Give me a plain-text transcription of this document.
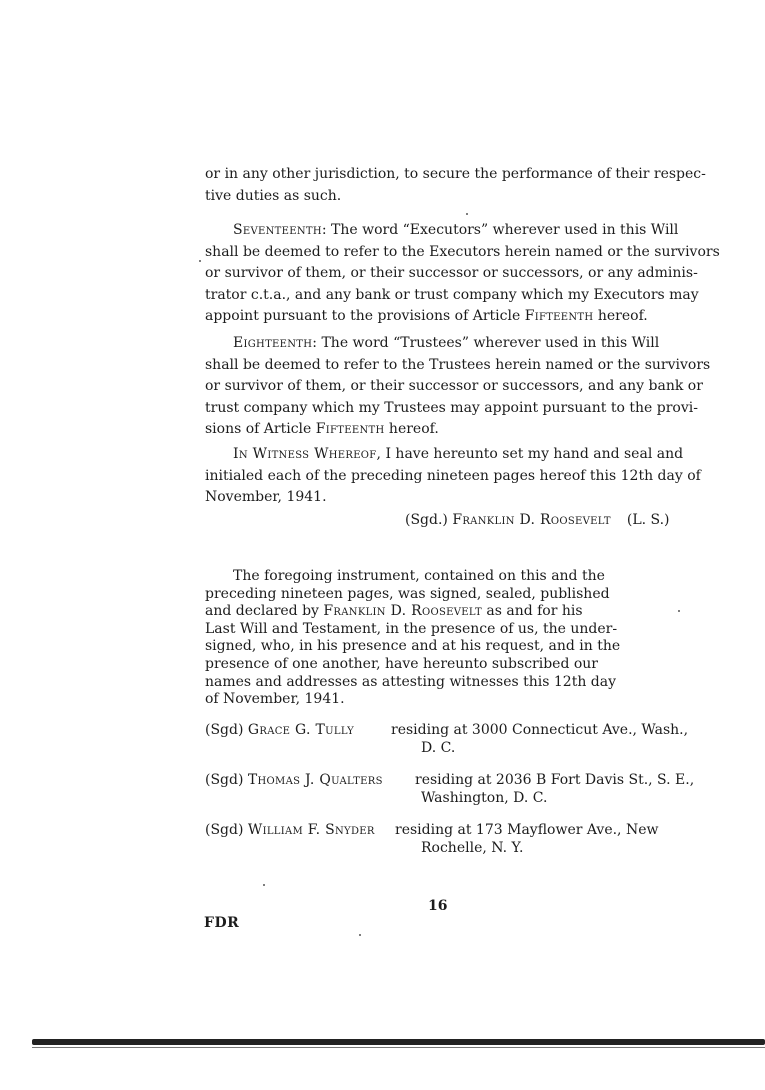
or in any other jurisdiction, to secure the performance of their respec-
tive duties as such.
Seventeenth: The word “Executors” wherever used in this Will
shall be deemed to refer to the Executors herein named or the survivors
or survivor of them, or their successor or successors, or any adminis-
trator c.t.a., and any bank or trust company which my Executors may
appoint pursuant to the provisions of Article Fifteenth hereof.
Eighteenth: The word “Trustees” wherever used in this Will
shall be deemed to refer to the Trustees herein named or the survivors
or survivor of them, or their successor or successors, and any bank or
trust company which my Trustees may appoint pursuant to the provi-
sions of Article Fifteenth hereof.
In Witness Whereof, I have hereunto set my hand and seal and
initialed each of the preceding nineteen pages hereof this 12th day of
November, 1941.
(Sgd.) Franklin D. Roosevelt (L. S.)
The foregoing instrument, contained on this and the
preceding nineteen pages, was signed, sealed, published
and declared by Franklin D. Roosevelt as and for his
Last Will and Testament, in the presence of us, the under-
signed, who, in his presence and at his request, and in the
presence of one another, have hereunto subscribed our
names and addresses as attesting witnesses this 12th day
of November, 1941.
(Sgd) Grace G. Tully	residing at 3000 Connecticut Ave., Wash.,
D. C.
(Sgd) Thomas J. Qualters residing at 2036 B Fort Davis St., S. E.,
Washington, D. C.
(Sgd) William F. Snyder residing at 173 Mayflower Ave., New
Rochelle, N. Y.
16
FDR
